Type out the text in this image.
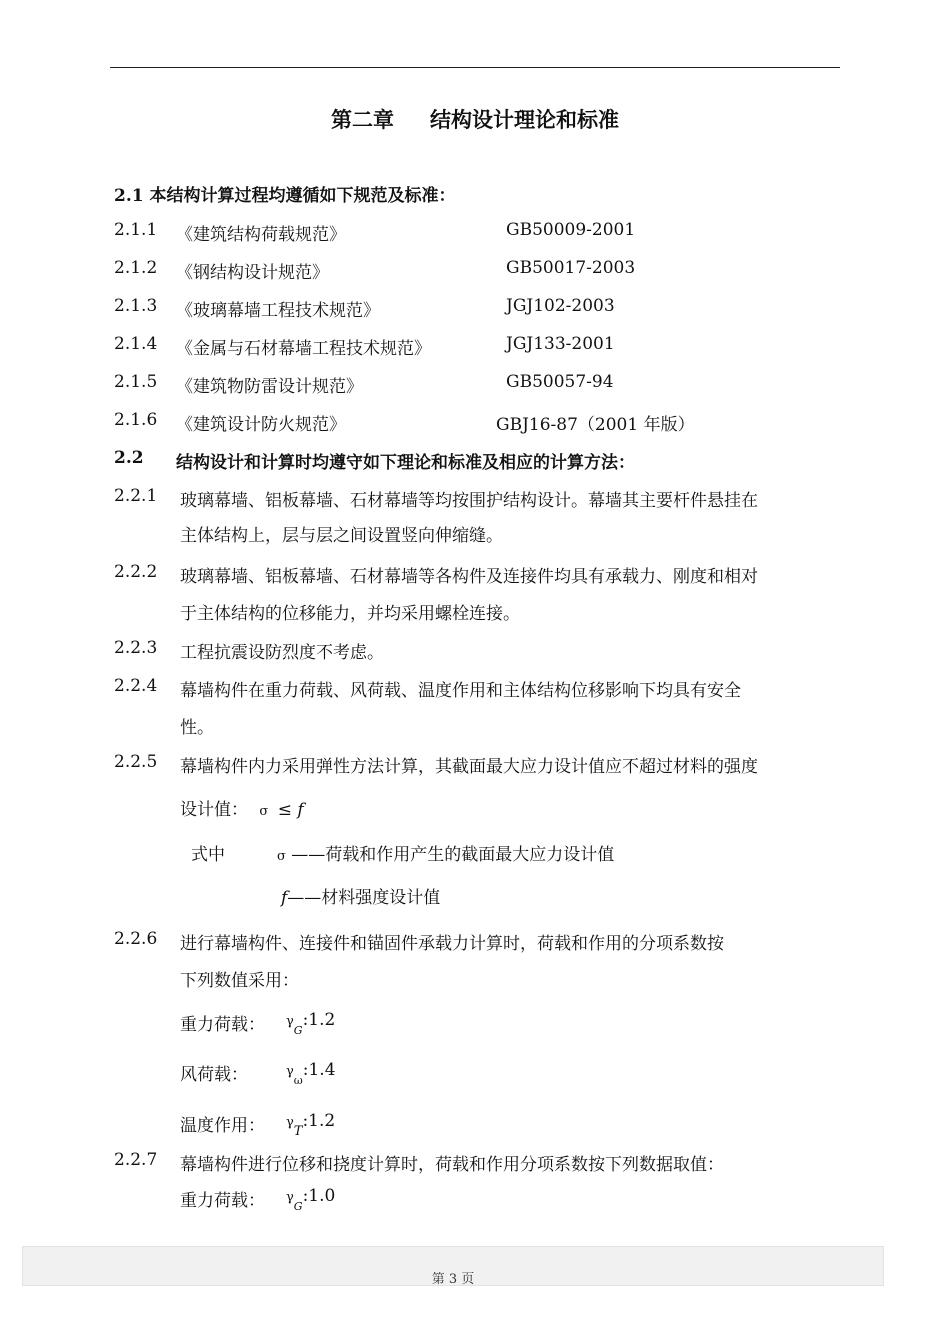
第二章 结构设计理论和标准
2.1 本结构计算过程均遵循如下规范及标准：
2.1.1 《建筑结构荷载规范》	GB50009-2001
2.1.2 《钢结构设计规范》	GB50017-2003
2.1.3 《玻璃幕墙工程技术规范》	JGJ102-2003
2.1.4 《金属与石材幕墙工程技术规范》	JGJ133-2001
2.1.5 《建筑物防雷设计规范》	GB50057-94
2.1.6 《建筑设计防火规范》	GBJ16-87（2001 年版）
2.2 结构设计和计算时均遵守如下理论和标准及相应的计算方法：
2.2.1 玻璃幕墙、铝板幕墙、石材幕墙等均按围护结构设计。幕墙其主要杆件悬挂在
主体结构上，层与层之间设置竖向伸缩缝。
2.2.2 玻璃幕墙、铝板幕墙、石材幕墙等各构件及连接件均具有承载力、刚度和相对
于主体结构的位移能力，并均采用螺栓连接。
2.2.3 工程抗震设防烈度不考虑。
2.2.4 幕墙构件在重力荷载、风荷载、温度作用和主体结构位移影响下均具有安全
性。
2.2.5 幕墙构件内力采用弹性方法计算，其截面最大应力设计值应不超过材料的强度
设计值： σ ≤ f
式中	σ ——荷载和作用产生的截面最大应力设计值
f——材料强度设计值
2.2.6 进行幕墙构件、连接件和锚固件承载力计算时，荷载和作用的分项系数按
下列数值采用：
重力荷载： $\gamma_G:1.2$
风荷载：	$\gamma_\omega:1.4$
温度作用： $\gamma_T:1.2$
2.2.7 幕墙构件进行位移和挠度计算时，荷载和作用分项系数按下列数据取值：
重力荷载： $\gamma_G:1.0$
第 3 页
